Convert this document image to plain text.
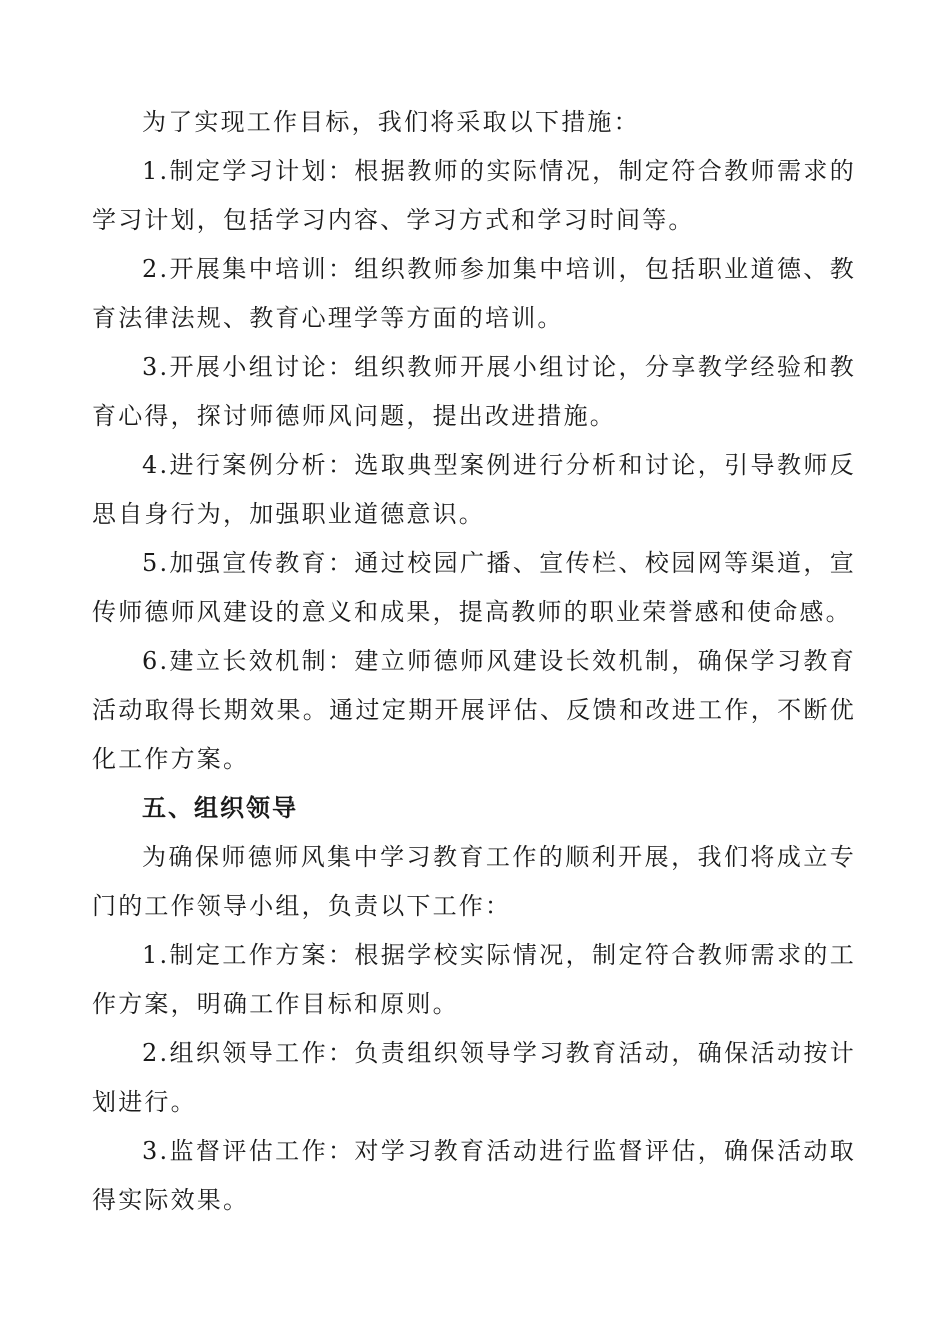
为了实现工作目标，我们将采取以下措施：

1.制定学习计划：根据教师的实际情况，制定符合教师需求的学习计划，包括学习内容、学习方式和学习时间等。

2.开展集中培训：组织教师参加集中培训，包括职业道德、教育法律法规、教育心理学等方面的培训。

3.开展小组讨论：组织教师开展小组讨论，分享教学经验和教育心得，探讨师德师风问题，提出改进措施。

4.进行案例分析：选取典型案例进行分析和讨论，引导教师反思自身行为，加强职业道德意识。

5.加强宣传教育：通过校园广播、宣传栏、校园网等渠道，宣传师德师风建设的意义和成果，提高教师的职业荣誉感和使命感。

6.建立长效机制：建立师德师风建设长效机制，确保学习教育活动取得长期效果。通过定期开展评估、反馈和改进工作，不断优化工作方案。

五、组织领导

为确保师德师风集中学习教育工作的顺利开展，我们将成立专门的工作领导小组，负责以下工作：

1.制定工作方案：根据学校实际情况，制定符合教师需求的工作方案，明确工作目标和原则。

2.组织领导工作：负责组织领导学习教育活动，确保活动按计划进行。

3.监督评估工作：对学习教育活动进行监督评估，确保活动取得实际效果。
